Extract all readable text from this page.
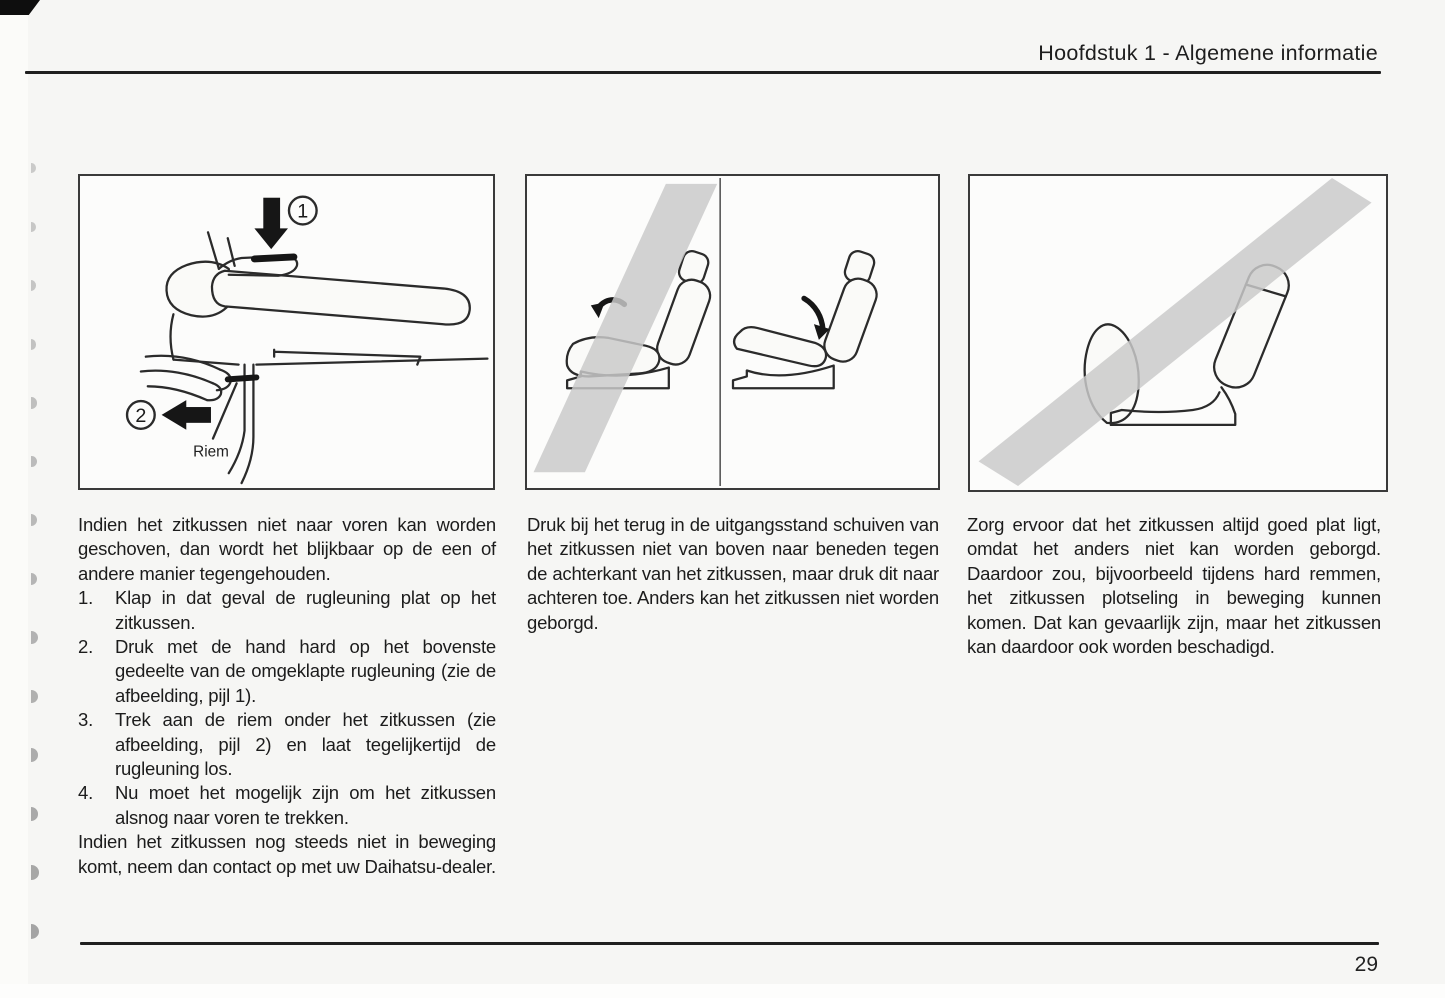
Hoofdstuk 1 - Algemene informatie
1
2
Riem

Indien het zitkussen niet naar voren kan worden geschoven, dan wordt het blijkbaar op de een of andere manier tegengehouden.

1.	Klap in dat geval de rugleuning plat op het zitkussen.
2.	Druk met de hand hard op het bovenste gedeelte van de omgeklapte rugleuning (zie de afbeelding, pijl 1).
3.	Trek aan de riem onder het zitkussen (zie afbeelding, pijl 2) en laat tegelijkertijd de rugleuning los.
4.	Nu moet het mogelijk zijn om het zitkussen alsnog naar voren te trekken.

Indien het zitkussen nog steeds niet in beweging komt, neem dan contact op met uw Daihatsu-dealer.

Druk bij het terug in de uitgangsstand schuiven van het zitkussen niet van boven naar beneden tegen de achterkant van het zitkussen, maar druk dit naar achteren toe. Anders kan het zitkussen niet worden geborgd.

Zorg ervoor dat het zitkussen altijd goed plat ligt, omdat het anders niet kan worden geborgd. Daardoor zou, bijvoorbeeld tijdens hard remmen, het zitkussen plotseling in beweging kunnen komen. Dat kan gevaarlijk zijn, maar het zitkussen kan daardoor ook worden beschadigd.

29
